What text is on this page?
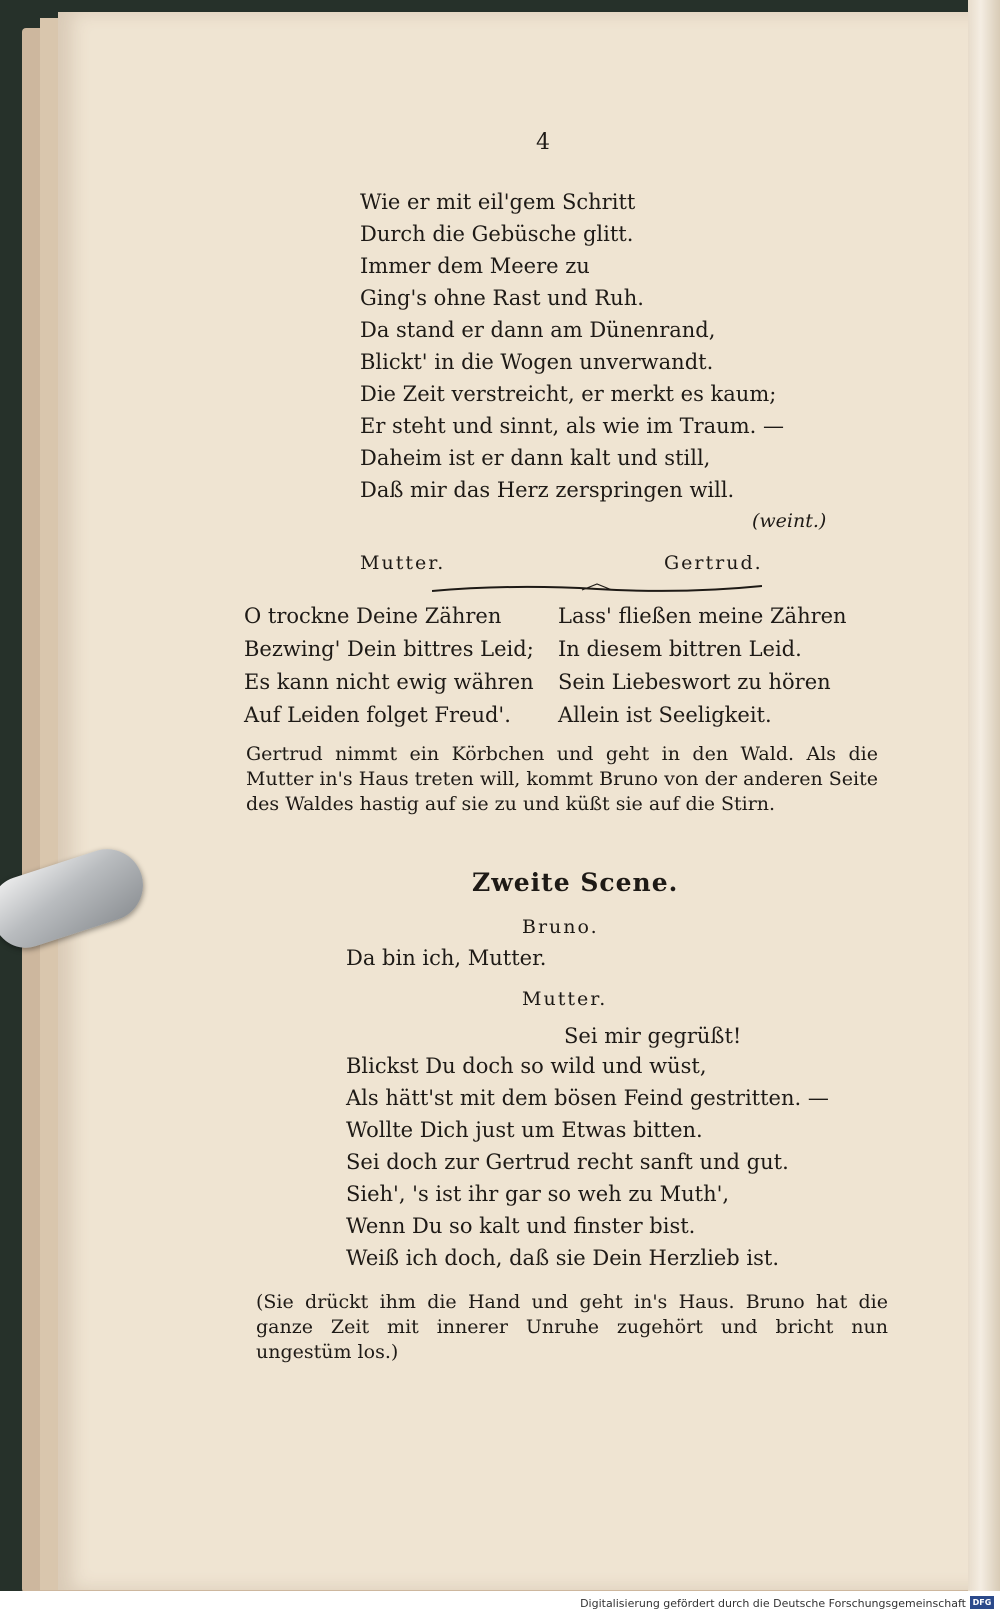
4
Wie er mit eil'gem Schritt
Durch die Gebüsche glitt.
Immer dem Meere zu
Ging's ohne Rast und Ruh.
Da stand er dann am Dünenrand,
Blickt' in die Wogen unverwandt.
Die Zeit verstreicht, er merkt es kaum;
Er steht und sinnt, als wie im Traum. —
Daheim ist er dann kalt und still,
Daß mir das Herz zerspringen will.
(weint.)
Mutter.	Gertrud.
O trockne Deine Zähren
Bezwing' Dein bittres Leid;
Es kann nicht ewig währen
Auf Leiden folget Freud'.
Lass' fließen meine Zähren
In diesem bittren Leid.
Sein Liebeswort zu hören
Allein ist Seeligkeit.
Gertrud nimmt ein Körbchen und geht in den Wald. Als die Mutter in's Haus treten will, kommt Bruno von der anderen Seite des Waldes hastig auf sie zu und küßt sie auf die Stirn.
Zweite Scene.
Bruno.
Da bin ich, Mutter.
Mutter.
Sei mir gegrüßt!
Blickst Du doch so wild und wüst,
Als hätt'st mit dem bösen Feind gestritten. —
Wollte Dich just um Etwas bitten.
Sei doch zur Gertrud recht sanft und gut.
Sieh', 's ist ihr gar so weh zu Muth',
Wenn Du so kalt und finster bist.
Weiß ich doch, daß sie Dein Herzlieb ist.
(Sie drückt ihm die Hand und geht in's Haus. Bruno hat die ganze Zeit mit innerer Unruhe zugehört und bricht nun ungestüm los.)
Digitalisierung gefördert durch die Deutsche Forschungsgemeinschaft DFG
